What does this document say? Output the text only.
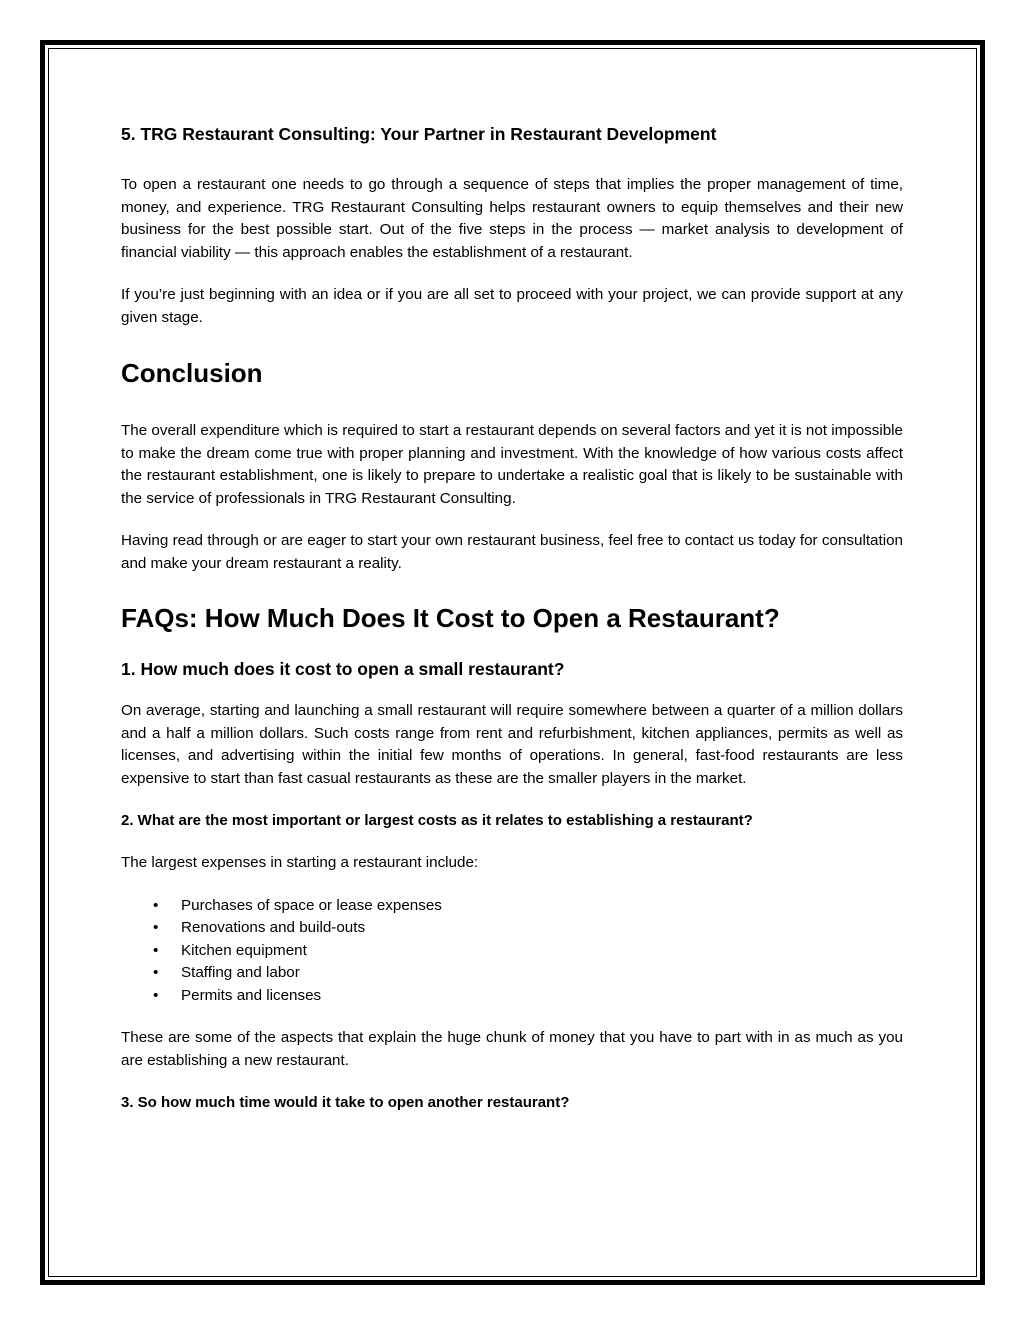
5. TRG Restaurant Consulting: Your Partner in Restaurant Development

To open a restaurant one needs to go through a sequence of steps that implies the proper management of time, money, and experience. TRG Restaurant Consulting helps restaurant owners to equip themselves and their new business for the best possible start. Out of the five steps in the process — market analysis to development of financial viability — this approach enables the establishment of a restaurant.

If you’re just beginning with an idea or if you are all set to proceed with your project, we can provide support at any given stage.

Conclusion

The overall expenditure which is required to start a restaurant depends on several factors and yet it is not impossible to make the dream come true with proper planning and investment. With the knowledge of how various costs affect the restaurant establishment, one is likely to prepare to undertake a realistic goal that is likely to be sustainable with the service of professionals in TRG Restaurant Consulting.

Having read through or are eager to start your own restaurant business, feel free to contact us today for consultation and make your dream restaurant a reality.

FAQs: How Much Does It Cost to Open a Restaurant?
1. How much does it cost to open a small restaurant?

On average, starting and launching a small restaurant will require somewhere between a quarter of a million dollars and a half a million dollars. Such costs range from rent and refurbishment, kitchen appliances, permits as well as licenses, and advertising within the initial few months of operations. In general, fast-food restaurants are less expensive to start than fast casual restaurants as these are the smaller players in the market.

2. What are the most important or largest costs as it relates to establishing a restaurant?

The largest expenses in starting a restaurant include:

• Purchases of space or lease expenses
• Renovations and build-outs
• Kitchen equipment
• Staffing and labor
• Permits and licenses

These are some of the aspects that explain the huge chunk of money that you have to part with in as much as you are establishing a new restaurant.

3. So how much time would it take to open another restaurant?
